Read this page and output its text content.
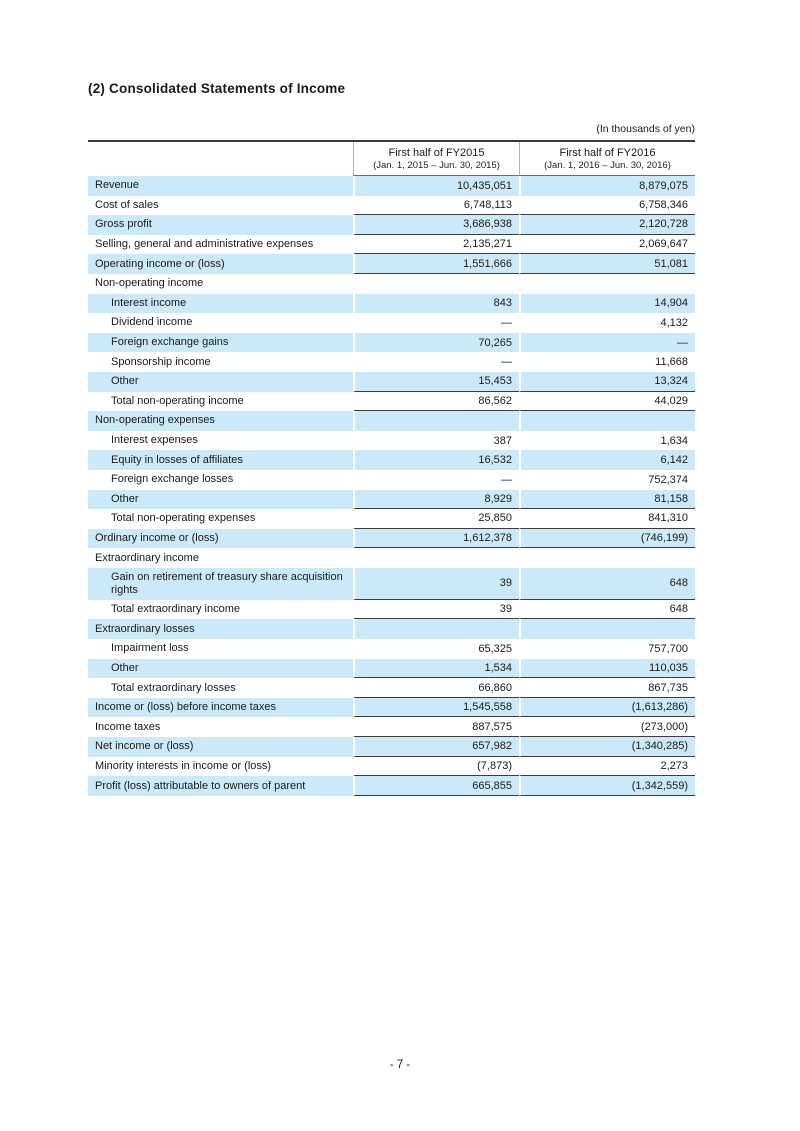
(2) Consolidated Statements of Income
(In thousands of yen)
First half of FY2015
(Jan. 1, 2015 – Jun. 30, 2015)
First half of FY2016
(Jan. 1, 2016 – Jun. 30, 2016)
Revenue	10,435,051	8,879,075
Cost of sales	6,748,113	6,758,346
Gross profit	3,686,938	2,120,728
Selling, general and administrative expenses	2,135,271	2,069,647
Operating income or (loss)	1,551,666	51,081
Non-operating income
Interest income	843	14,904
Dividend income	—	4,132
Foreign exchange gains	70,265	—
Sponsorship income	—	11,668
Other	15,453	13,324
Total non-operating income	86,562	44,029
Non-operating expenses
Interest expenses	387	1,634
Equity in losses of affiliates	16,532	6,142
Foreign exchange losses	—	752,374
Other	8,929	81,158
Total non-operating expenses	25,850	841,310
Ordinary income or (loss)	1,612,378	(746,199)
Extraordinary income
Gain on retirement of treasury share acquisition rights
39	648
Total extraordinary income	39	648
Extraordinary losses
Impairment loss	65,325	757,700
Other	1,534	110,035
Total extraordinary losses	66,860	867,735
Income or (loss) before income taxes	1,545,558	(1,613,286)
Income taxes	887,575	(273,000)
Net income or (loss)	657,982	(1,340,285)
Minority interests in income or (loss)	(7,873)	2,273
Profit (loss) attributable to owners of parent	665,855	(1,342,559)
- 7 -
